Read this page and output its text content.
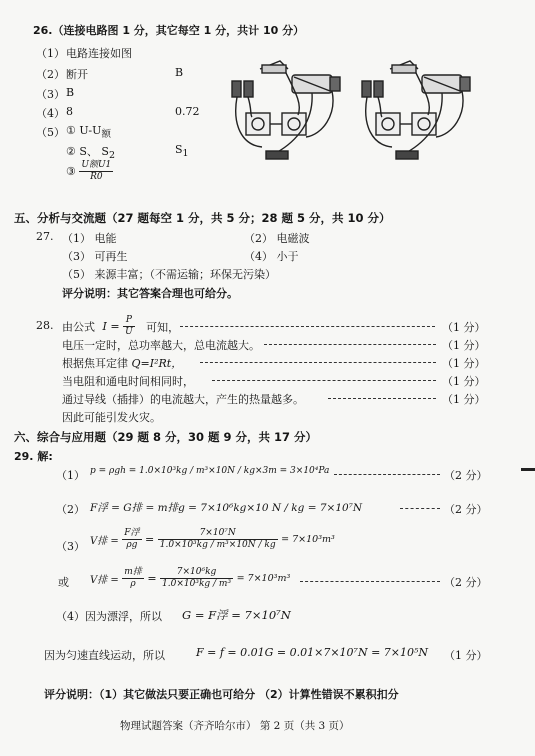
26.（连接电路图 1 分，其它每空 1 分，共计 10 分）
（1） 电路连接如图
（2） 断开	B
（3） B
（4） 8	0.72
（5） ① $U-U_额$
② S、 $S_2$	$S_1$
③ $\frac{\text{U额U1}}{R0}$
五、分析与交流题（27 题每空 1 分，共 5 分；28 题 5 分，共 10 分）
27. （1） 电能	（2） 电磁波
（3） 可再生	（4） 小于
（5） 来源丰富；（不需运输；环保无污染）
评分说明：其它答案合理也可给分。
28. 由公式 $I = \frac{P}{U}$ 可知，	（1 分）
电压一定时，总功率越大，总电流越大。	（1 分）
根据焦耳定律 Q=I²Rt，	（1 分）
当电阻和通电时间相同时，	（1 分）
通过导线（插排）的电流越大，产生的热量越多。	（1 分）
因此可能引发火灾。
六、综合与应用题（29 题 8 分，30 题 9 分，共 17 分）
29. 解:
（1） p = ρgh = 1.0×10³kg / m³×10N / kg×3m = 3×10⁴Pa	（2 分）
（2） F浮 = G排 = m排g = 7×10⁶kg×10 N / kg = 7×10⁷N	（2 分）
（3） V排 = $\frac{\text{F浮}}{\rho g} = \frac{\text{7×10⁷N}}{\text{1.0×10³kg / m³×10N / kg}} = 7\times 10^3m^3$
或 V排 = $\frac{\text{m排}}{\rho} = \frac{\text{7×10⁶kg}}{\text{1.0×10³kg / m³}} = 7\times 10^3m^3$	（2 分）
（4）因为漂浮，所以 G = F浮 = 7×10⁷N
因为匀速直线运动，所以	F = f = 0.01G = 0.01×7×10⁷N = 7×10⁵N （1 分）
评分说明：（1）其它做法只要正确也可给分 （2）计算性错误不累积扣分
物理试题答案（齐齐哈尔市） 第 2 页（共 3 页）
